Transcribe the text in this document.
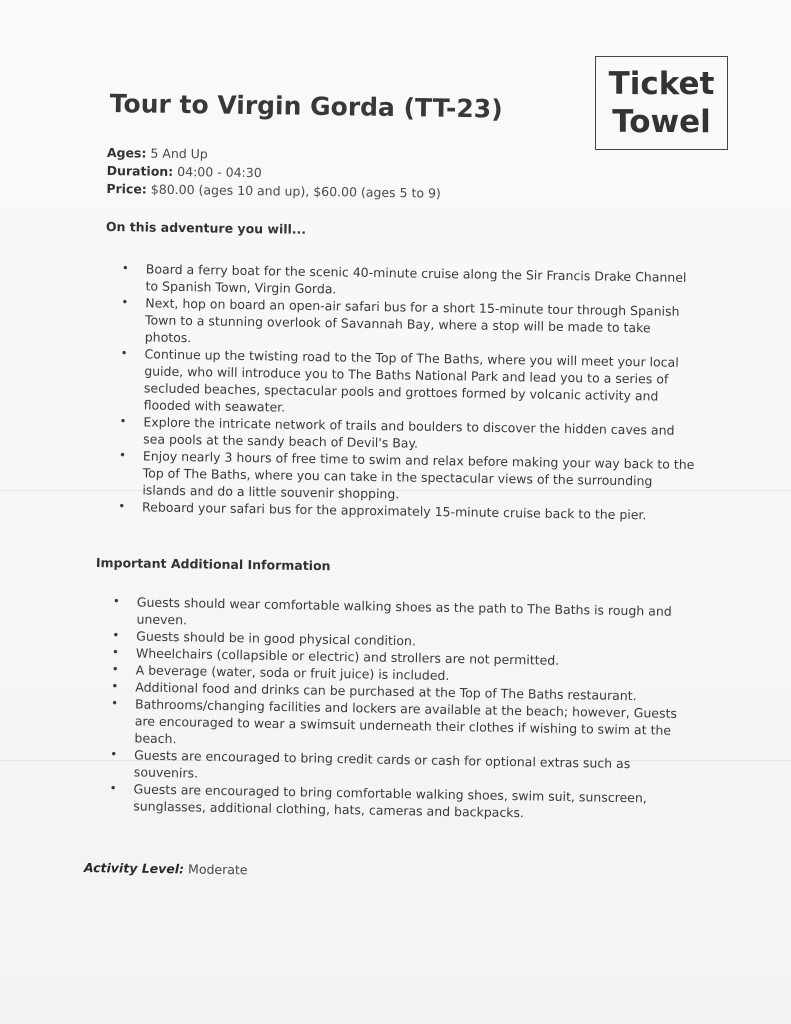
Ticket
Towel
Tour to Virgin Gorda (TT-23)
Ages: 5 And Up
Duration: 04:00 - 04:30
Price: $80.00 (ages 10 and up), $60.00 (ages 5 to 9)
On this adventure you will...
• Board a ferry boat for the scenic 40-minute cruise along the Sir Francis Drake Channel to Spanish Town, Virgin Gorda.
• Next, hop on board an open-air safari bus for a short 15-minute tour through Spanish Town to a stunning overlook of Savannah Bay, where a stop will be made to take photos.
• Continue up the twisting road to the Top of The Baths, where you will meet your local guide, who will introduce you to The Baths National Park and lead you to a series of secluded beaches, spectacular pools and grottoes formed by volcanic activity and flooded with seawater.
• Explore the intricate network of trails and boulders to discover the hidden caves and sea pools at the sandy beach of Devil's Bay.
• Enjoy nearly 3 hours of free time to swim and relax before making your way back to the Top of The Baths, where you can take in the spectacular views of the surrounding islands and do a little souvenir shopping.
• Reboard your safari bus for the approximately 15-minute cruise back to the pier.
Important Additional Information
• Guests should wear comfortable walking shoes as the path to The Baths is rough and uneven.
• Guests should be in good physical condition.
• Wheelchairs (collapsible or electric) and strollers are not permitted.
• A beverage (water, soda or fruit juice) is included.
• Additional food and drinks can be purchased at the Top of The Baths restaurant.
• Bathrooms/changing facilities and lockers are available at the beach; however, Guests are encouraged to wear a swimsuit underneath their clothes if wishing to swim at the beach.
• Guests are encouraged to bring credit cards or cash for optional extras such as souvenirs.
• Guests are encouraged to bring comfortable walking shoes, swim suit, sunscreen, sunglasses, additional clothing, hats, cameras and backpacks.
Activity Level: Moderate
